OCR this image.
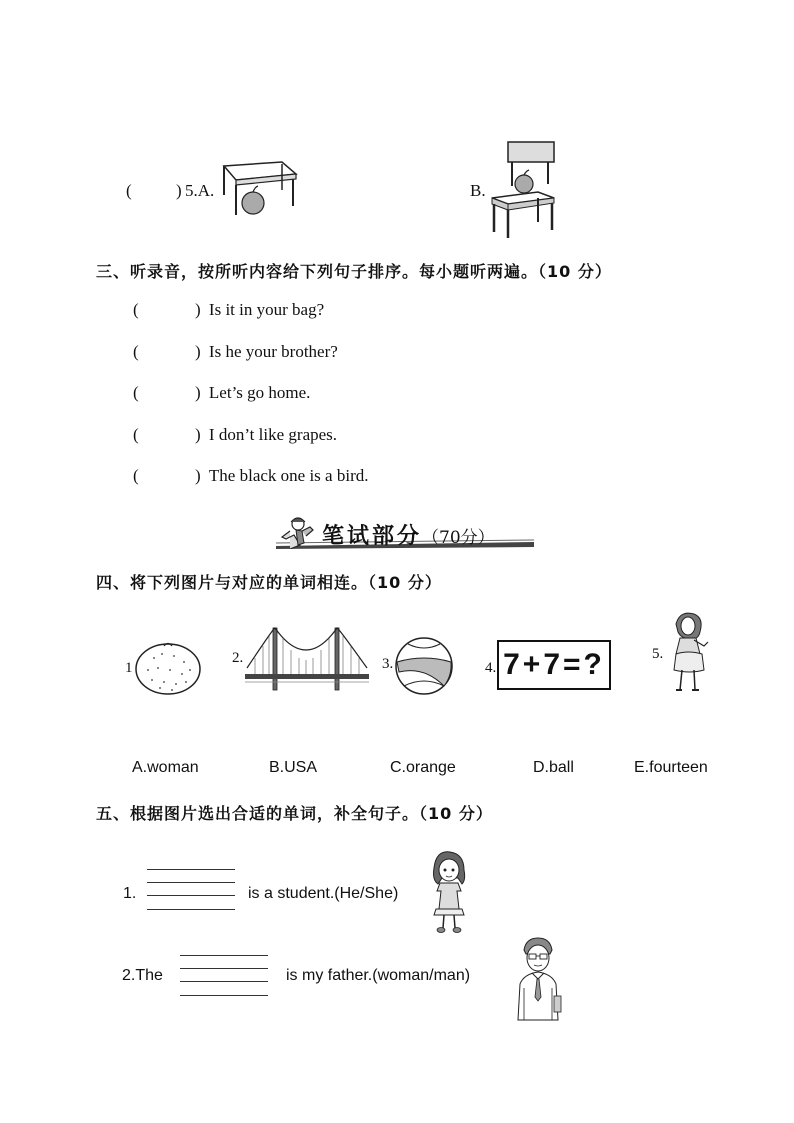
(	) 5.A.	B.
三、听录音，按所听内容给下列句子排序。每小题听两遍。（10 分）
(	) Is it in your bag?
(	) Is he your brother?
(	) Let’s go home.
(	) I don’t like grapes.
(	) The black one is a bird.
笔试部分 （70分）
四、将下列图片与对应的单词相连。（10 分）
1
2.	3.	4. 7+7=?	5.
A.woman	B.USA	C.orange	D.ball	E.fourteen
五、根据图片选出合适的单词，补全句子。（10 分）
1.	is a student.(He/She)
2.The	is my father.(woman/man)
